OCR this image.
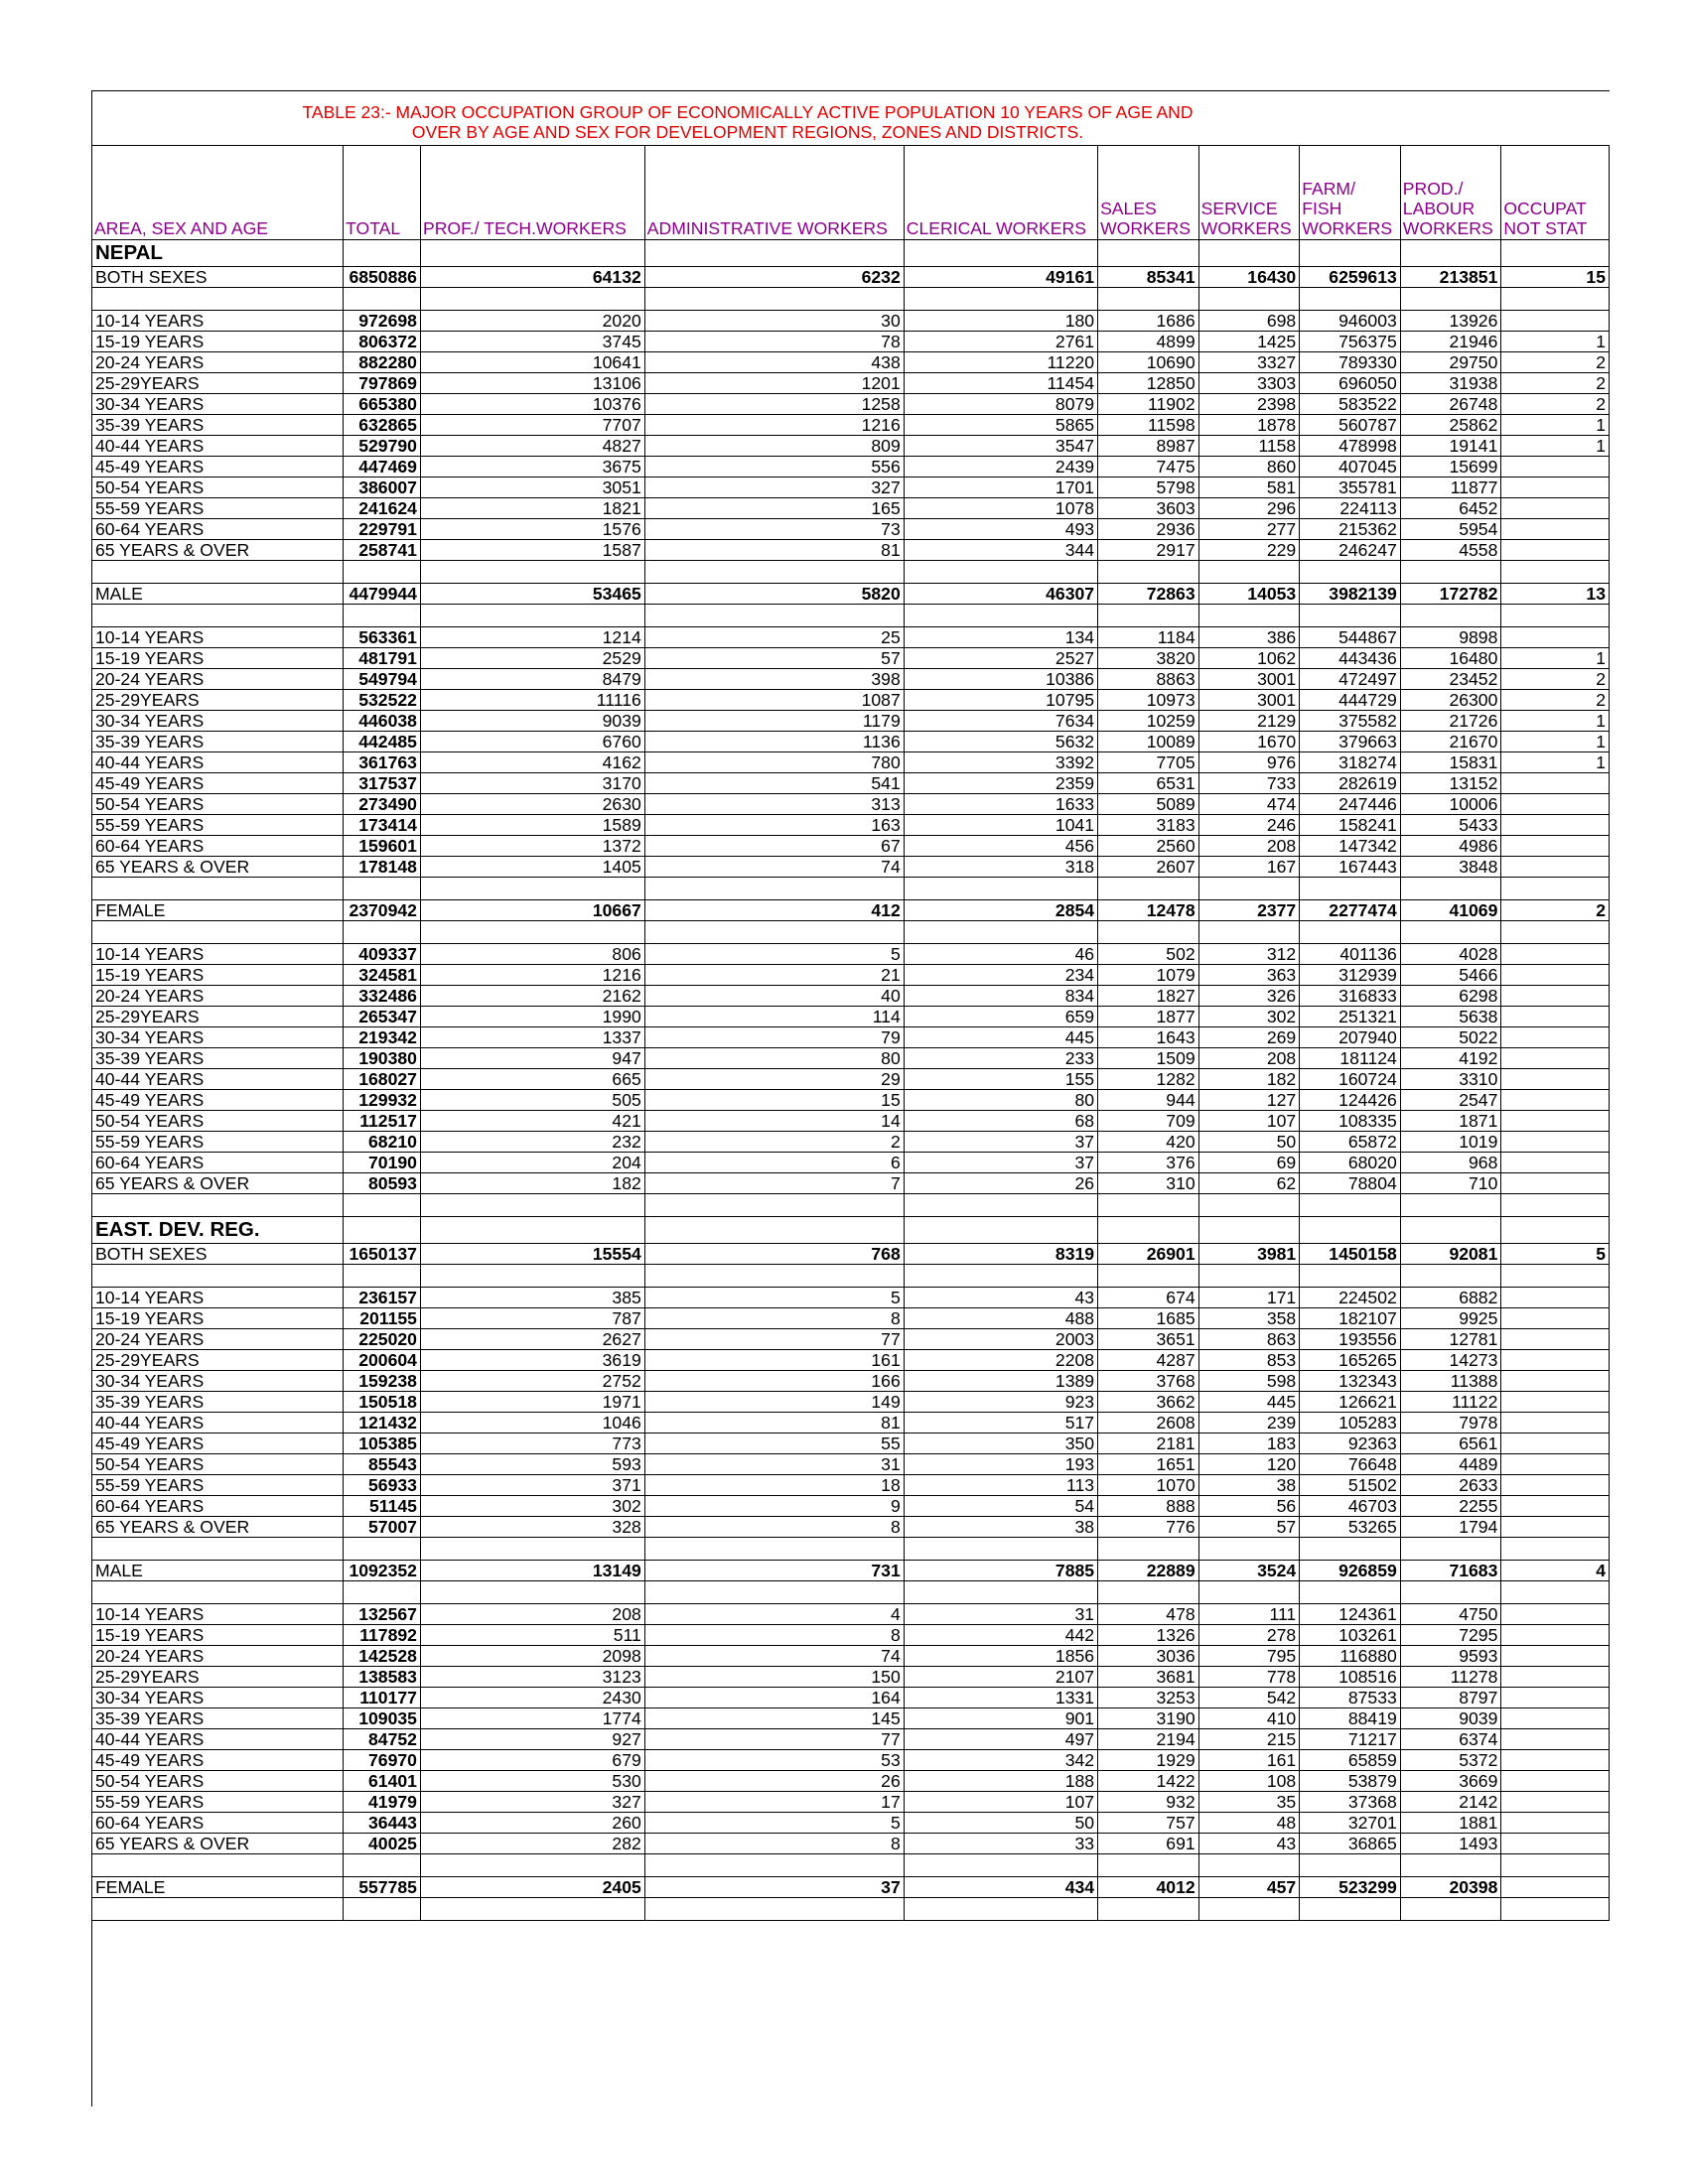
TABLE 23:- MAJOR OCCUPATION GROUP OF ECONOMICALLY ACTIVE POPULATION 10 YEARS OF AGE AND
OVER BY AGE AND SEX FOR DEVELOPMENT REGIONS, ZONES AND DISTRICTS.
AREA, SEX AND AGE	TOTAL	PROF./ TECH.WORKERS	ADMINISTRATIVE WORKERS	CLERICAL WORKERS	SALES
WORKERS	SERVICE
WORKERS	FARM/
FISH
WORKERS	PROD./
LABOUR
WORKERS	OCCUPAT
NOT STAT

NEPAL									
BOTH SEXES	6850886	64132	6232	49161	85341	16430	6259613	213851	15

10-14 YEARS	972698	2020	30	180	1686	698	946003	13926	
15-19 YEARS	806372	3745	78	2761	4899	1425	756375	21946	1
20-24 YEARS	882280	10641	438	11220	10690	3327	789330	29750	2
25-29YEARS	797869	13106	1201	11454	12850	3303	696050	31938	2
30-34 YEARS	665380	10376	1258	8079	11902	2398	583522	26748	2
35-39 YEARS	632865	7707	1216	5865	11598	1878	560787	25862	1
40-44 YEARS	529790	4827	809	3547	8987	1158	478998	19141	1
45-49 YEARS	447469	3675	556	2439	7475	860	407045	15699	
50-54 YEARS	386007	3051	327	1701	5798	581	355781	11877	
55-59 YEARS	241624	1821	165	1078	3603	296	224113	6452	
60-64 YEARS	229791	1576	73	493	2936	277	215362	5954	
65 YEARS & OVER	258741	1587	81	344	2917	229	246247	4558	

MALE	4479944	53465	5820	46307	72863	14053	3982139	172782	13

10-14 YEARS	563361	1214	25	134	1184	386	544867	9898	
15-19 YEARS	481791	2529	57	2527	3820	1062	443436	16480	1
20-24 YEARS	549794	8479	398	10386	8863	3001	472497	23452	2
25-29YEARS	532522	11116	1087	10795	10973	3001	444729	26300	2
30-34 YEARS	446038	9039	1179	7634	10259	2129	375582	21726	1
35-39 YEARS	442485	6760	1136	5632	10089	1670	379663	21670	1
40-44 YEARS	361763	4162	780	3392	7705	976	318274	15831	1
45-49 YEARS	317537	3170	541	2359	6531	733	282619	13152	
50-54 YEARS	273490	2630	313	1633	5089	474	247446	10006	
55-59 YEARS	173414	1589	163	1041	3183	246	158241	5433	
60-64 YEARS	159601	1372	67	456	2560	208	147342	4986	
65 YEARS & OVER	178148	1405	74	318	2607	167	167443	3848	

FEMALE	2370942	10667	412	2854	12478	2377	2277474	41069	2

10-14 YEARS	409337	806	5	46	502	312	401136	4028	
15-19 YEARS	324581	1216	21	234	1079	363	312939	5466	
20-24 YEARS	332486	2162	40	834	1827	326	316833	6298	
25-29YEARS	265347	1990	114	659	1877	302	251321	5638	
30-34 YEARS	219342	1337	79	445	1643	269	207940	5022	
35-39 YEARS	190380	947	80	233	1509	208	181124	4192	
40-44 YEARS	168027	665	29	155	1282	182	160724	3310	
45-49 YEARS	129932	505	15	80	944	127	124426	2547	
50-54 YEARS	112517	421	14	68	709	107	108335	1871	
55-59 YEARS	68210	232	2	37	420	50	65872	1019	
60-64 YEARS	70190	204	6	37	376	69	68020	968	
65 YEARS & OVER	80593	182	7	26	310	62	78804	710	

EAST. DEV. REG.									
BOTH SEXES	1650137	15554	768	8319	26901	3981	1450158	92081	5

10-14 YEARS	236157	385	5	43	674	171	224502	6882	
15-19 YEARS	201155	787	8	488	1685	358	182107	9925	
20-24 YEARS	225020	2627	77	2003	3651	863	193556	12781	
25-29YEARS	200604	3619	161	2208	4287	853	165265	14273	
30-34 YEARS	159238	2752	166	1389	3768	598	132343	11388	
35-39 YEARS	150518	1971	149	923	3662	445	126621	11122	
40-44 YEARS	121432	1046	81	517	2608	239	105283	7978	
45-49 YEARS	105385	773	55	350	2181	183	92363	6561	
50-54 YEARS	85543	593	31	193	1651	120	76648	4489	
55-59 YEARS	56933	371	18	113	1070	38	51502	2633	
60-64 YEARS	51145	302	9	54	888	56	46703	2255	
65 YEARS & OVER	57007	328	8	38	776	57	53265	1794	

MALE	1092352	13149	731	7885	22889	3524	926859	71683	4

10-14 YEARS	132567	208	4	31	478	111	124361	4750	
15-19 YEARS	117892	511	8	442	1326	278	103261	7295	
20-24 YEARS	142528	2098	74	1856	3036	795	116880	9593	
25-29YEARS	138583	3123	150	2107	3681	778	108516	11278	
30-34 YEARS	110177	2430	164	1331	3253	542	87533	8797	
35-39 YEARS	109035	1774	145	901	3190	410	88419	9039	
40-44 YEARS	84752	927	77	497	2194	215	71217	6374	
45-49 YEARS	76970	679	53	342	1929	161	65859	5372	
50-54 YEARS	61401	530	26	188	1422	108	53879	3669	
55-59 YEARS	41979	327	17	107	932	35	37368	2142	
60-64 YEARS	36443	260	5	50	757	48	32701	1881	
65 YEARS & OVER	40025	282	8	33	691	43	36865	1493	

FEMALE	557785	2405	37	434	4012	457	523299	20398	
